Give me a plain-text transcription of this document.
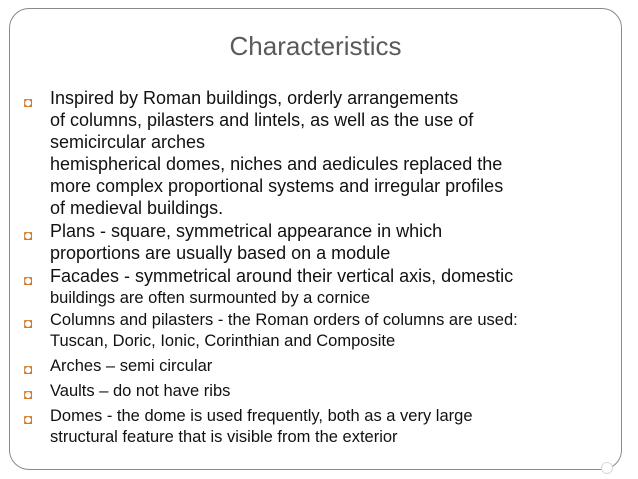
Characteristics
◘ Inspired by Roman buildings, orderly arrangements
of columns, pilasters and lintels, as well as the use of
semicircular arches
hemispherical domes, niches and aedicules replaced the
more complex proportional systems and irregular profiles
of medieval buildings.
◘ Plans - square, symmetrical appearance in which
proportions are usually based on a module
◘ Facades - symmetrical around their vertical axis, domestic
buildings are often surmounted by a cornice
◘ Columns and pilasters - the Roman orders of columns are used:
Tuscan, Doric, Ionic, Corinthian and Composite
◘ Arches – semi circular
◘ Vaults – do not have ribs
◘ Domes - the dome is used frequently, both as a very large
structural feature that is visible from the exterior
